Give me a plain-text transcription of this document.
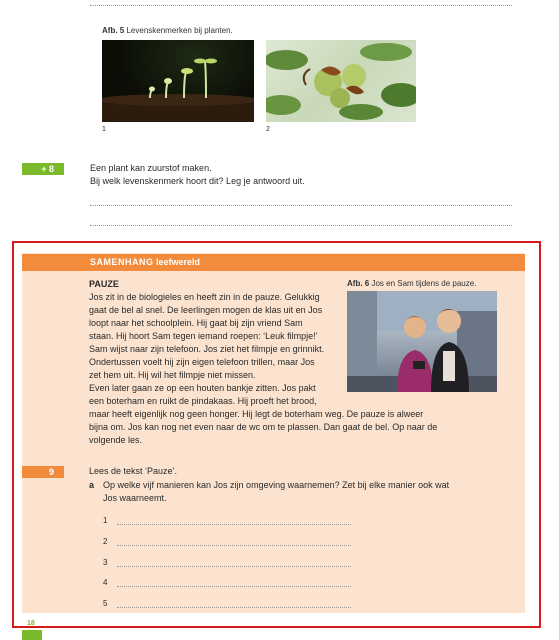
Afb. 5 Levenskenmerken bij planten.
1	2
+ 8	Een plant kan zuurstof maken.
Bij welk levenskenmerk hoort dit? Leg je antwoord uit.
SAMENHANG leefwereld
PAUZE	Afb. 6 Jos en Sam tijdens de pauze.
Jos zit in de biologieles en heeft zin in de pauze. Gelukkig
gaat de bel al snel. De leerlingen mogen de klas uit en Jos
loopt naar het schoolplein. Hij gaat bij zijn vriend Sam
staan. Hij hoort Sam tegen iemand roepen: ‘Leuk filmpje!’
Sam wijst naar zijn telefoon. Jos ziet het filmpje en grinnikt.
Ondertussen voelt hij zijn eigen telefoon trillen, maar Jos
zet hem uit. Hij wil het filmpje niet missen.
Even later gaan ze op een houten bankje zitten. Jos pakt
een boterham en ruikt de pindakaas. Hij proeft het brood,
maar heeft eigenlijk nog geen honger. Hij legt de boterham weg. De pauze is alweer
bijna om. Jos kan nog net even naar de wc om te plassen. Dan gaat de bel. Op naar de
volgende les.
9	Lees de tekst ‘Pauze’.
a Op welke vijf manieren kan Jos zijn omgeving waarnemen? Zet bij elke manier ook wat
Jos waarneemt.
1
2
3
4
5
18
